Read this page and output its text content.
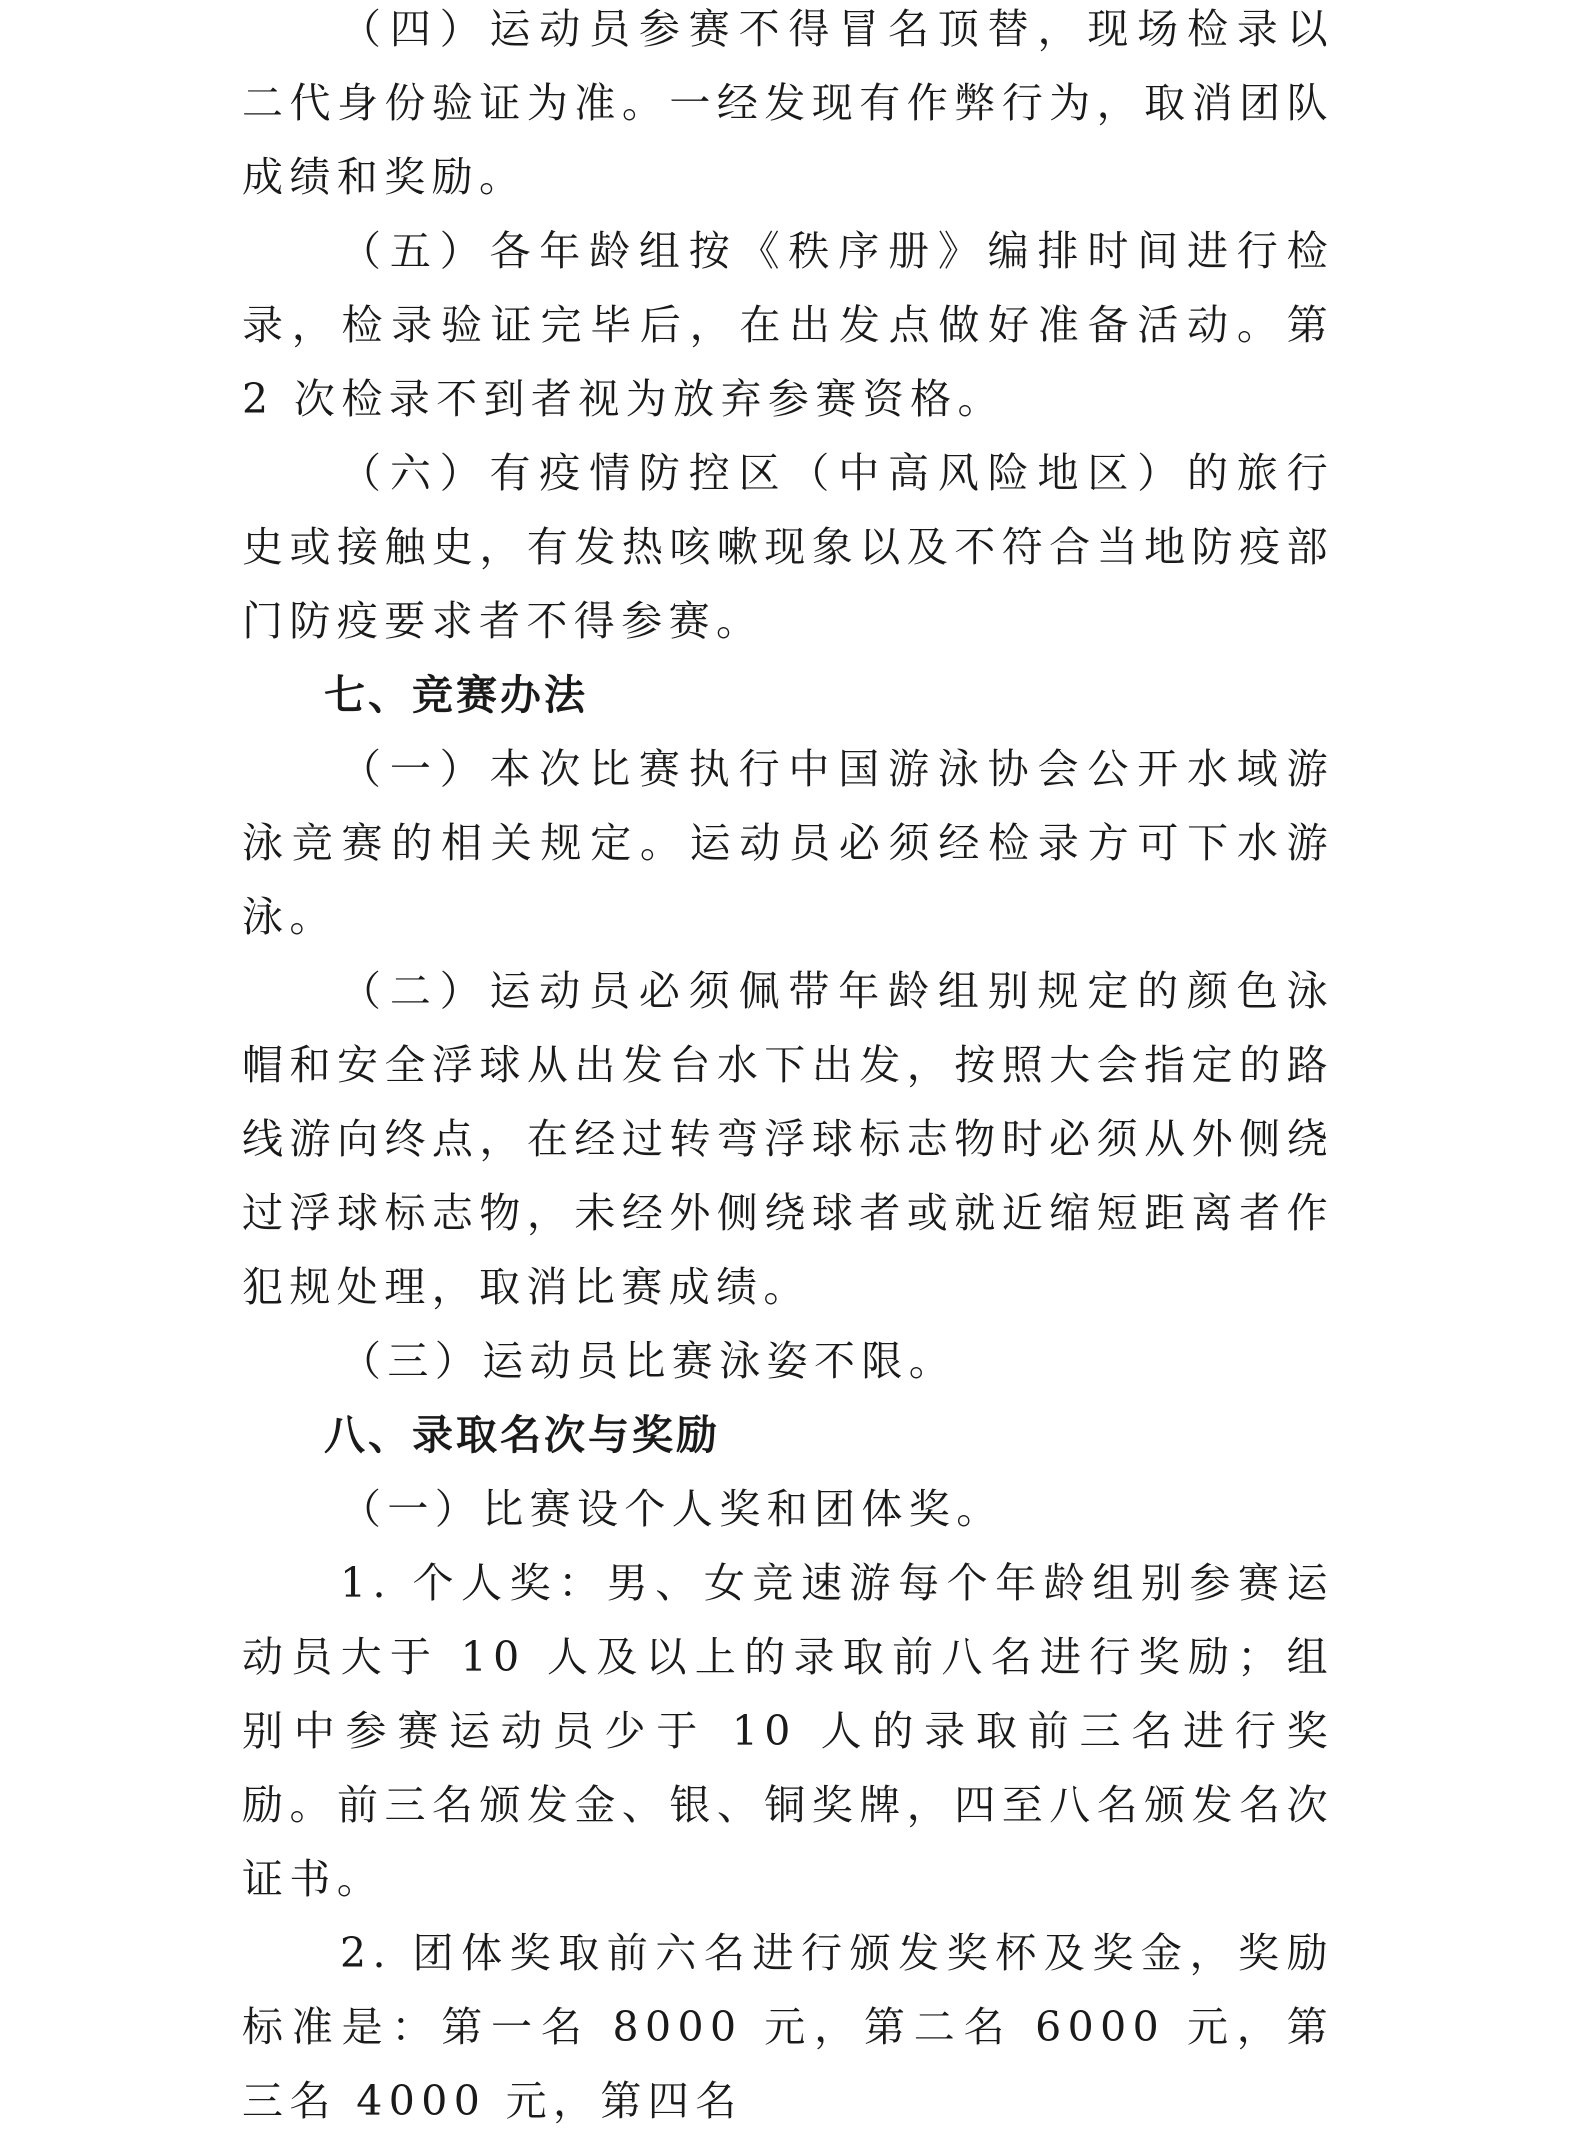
（四）运动员参赛不得冒名顶替，现场检录以二代身份验证为准。一经发现有作弊行为，取消团队成绩和奖励。

（五）各年龄组按《秩序册》编排时间进行检录，检录验证完毕后，在出发点做好准备活动。第 2 次检录不到者视为放弃参赛资格。

（六）有疫情防控区（中高风险地区）的旅行史或接触史，有发热咳嗽现象以及不符合当地防疫部门防疫要求者不得参赛。

七、竞赛办法

（一）本次比赛执行中国游泳协会公开水域游泳竞赛的相关规定。运动员必须经检录方可下水游泳。

（二）运动员必须佩带年龄组别规定的颜色泳帽和安全浮球从出发台水下出发，按照大会指定的路线游向终点，在经过转弯浮球标志物时必须从外侧绕过浮球标志物，未经外侧绕球者或就近缩短距离者作犯规处理，取消比赛成绩。

（三）运动员比赛泳姿不限。

八、录取名次与奖励

（一）比赛设个人奖和团体奖。

1. 个人奖：男、女竞速游每个年龄组别参赛运动员大于 10 人及以上的录取前八名进行奖励；组别中参赛运动员少于 10 人的录取前三名进行奖励。前三名颁发金、银、铜奖牌，四至八名颁发名次证书。

2. 团体奖取前六名进行颁发奖杯及奖金，奖励标准是：第一名 8000 元，第二名 6000 元，第三名 4000 元，第四名
